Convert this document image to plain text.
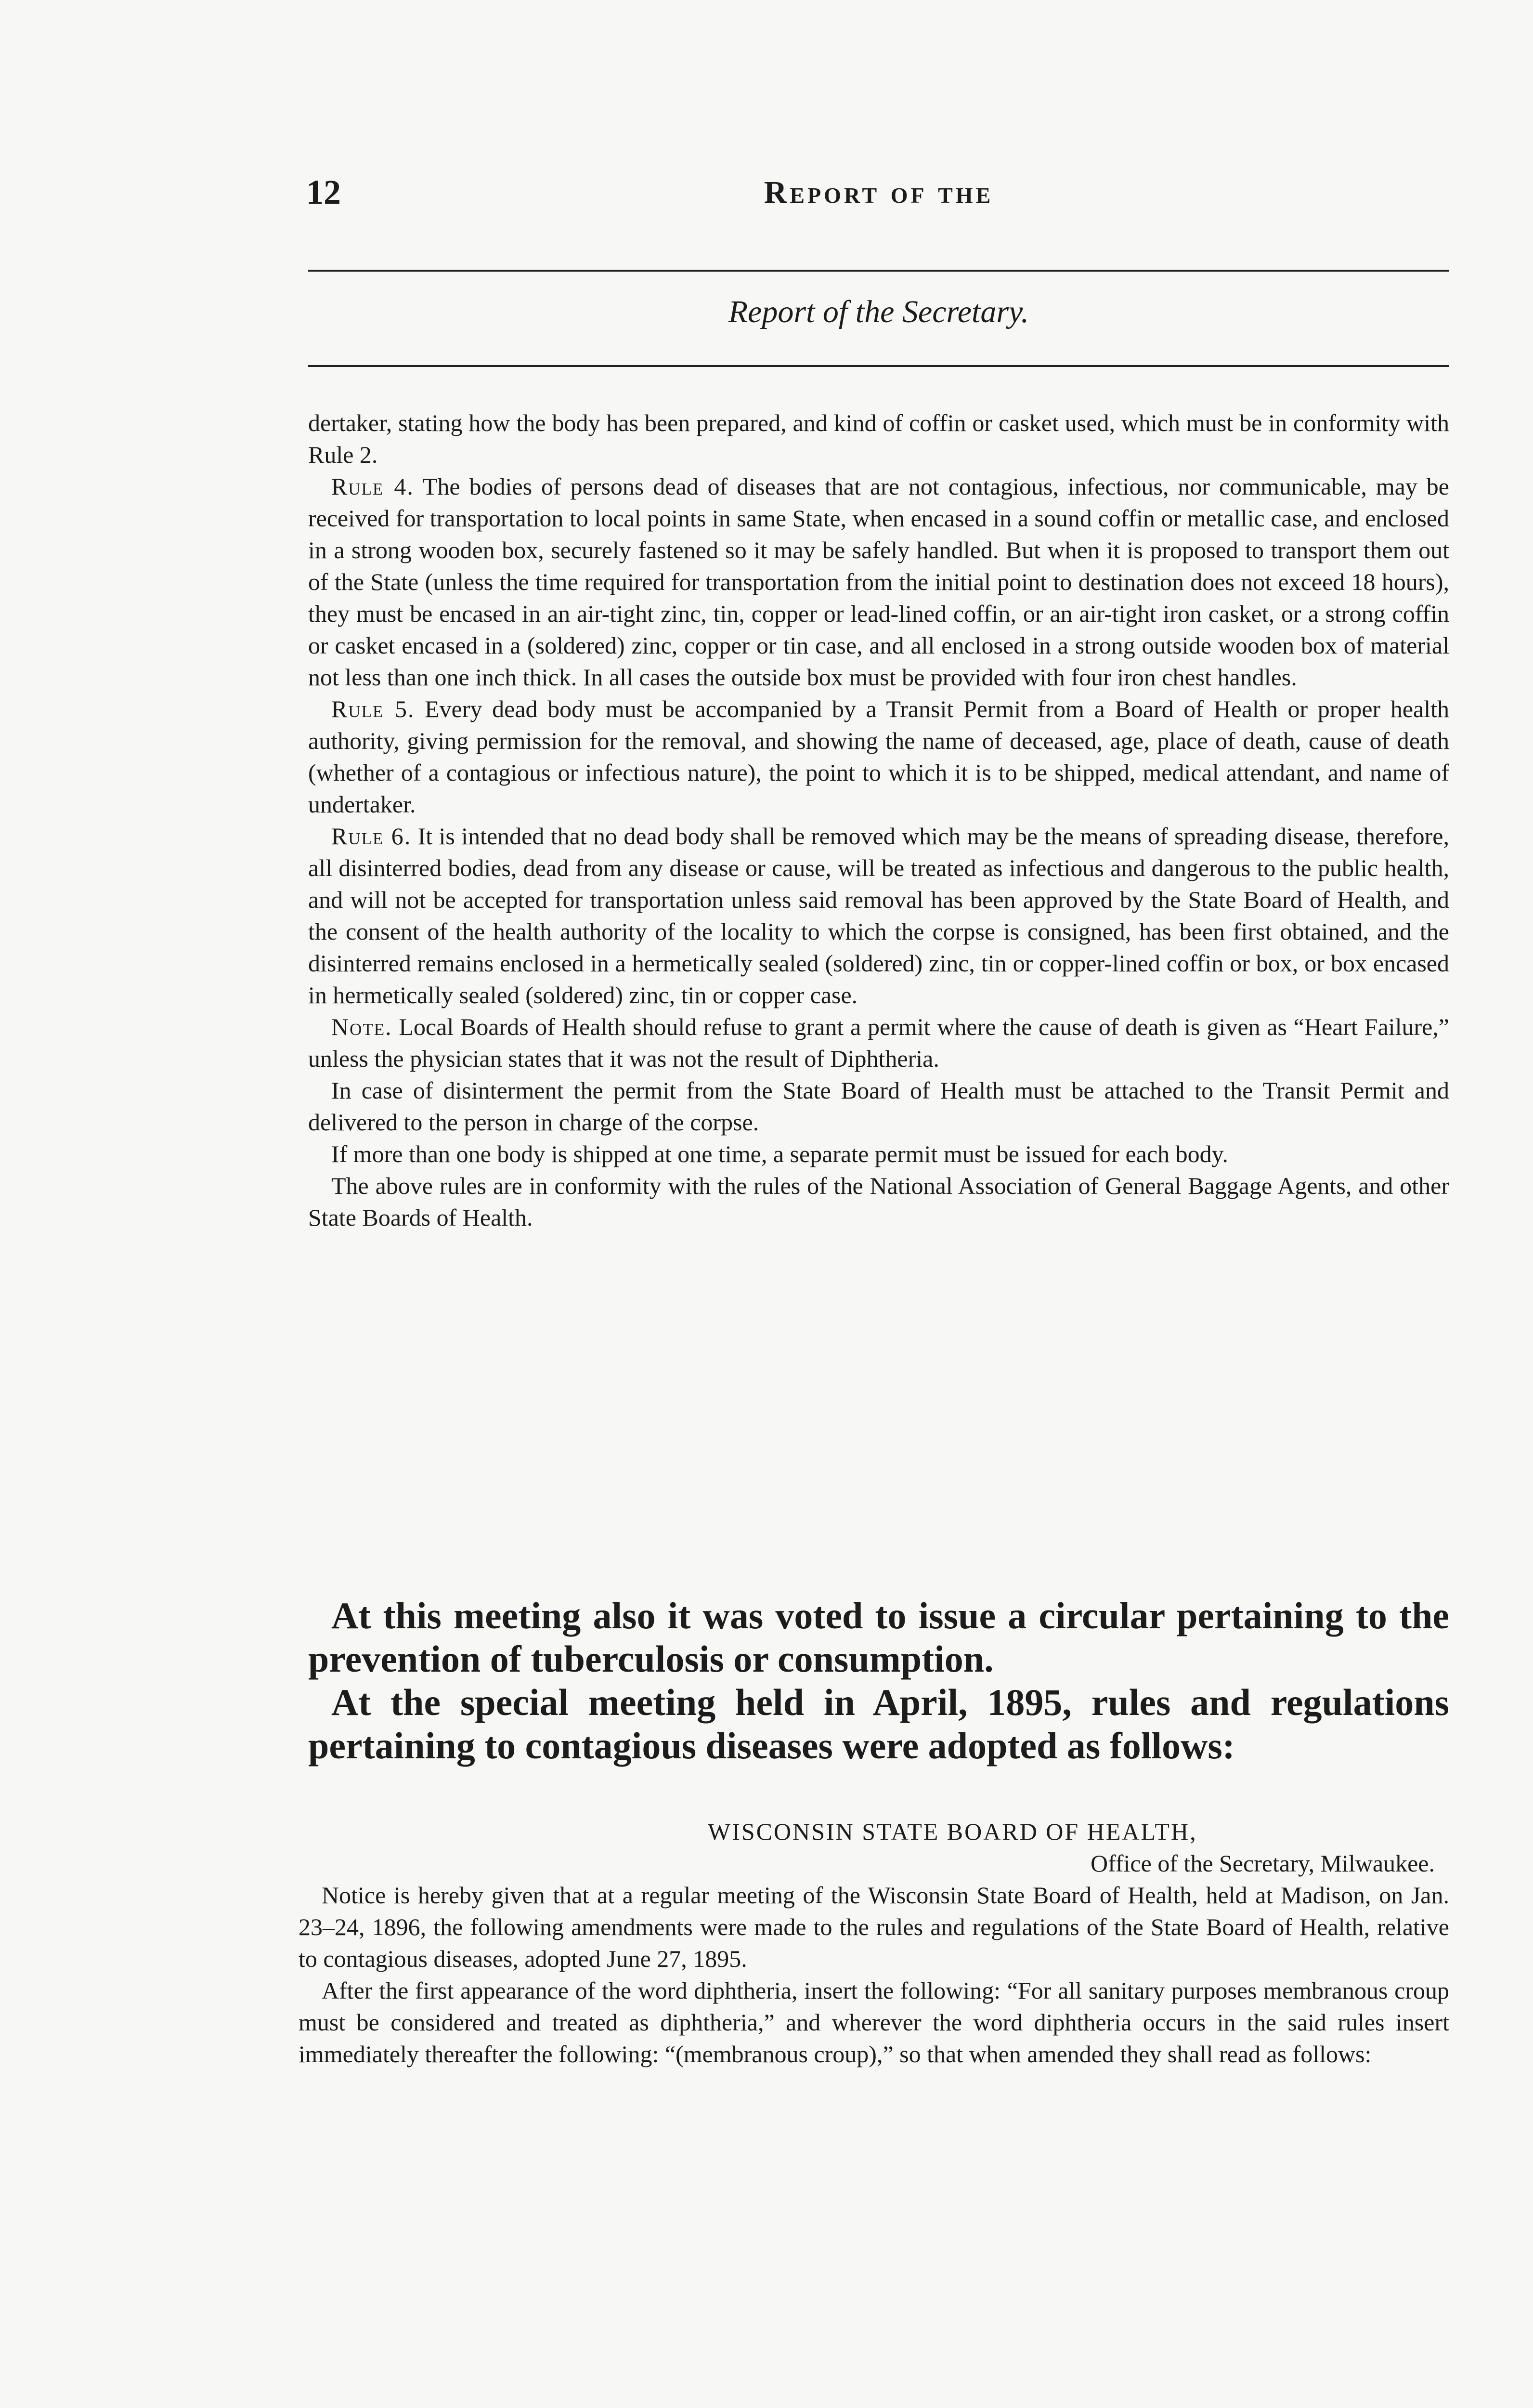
12	Report of the
Report of the Secretary.

dertaker, stating how the body has been prepared, and kind of coffin or casket used, which must be in conformity with Rule 2.

Rule 4. The bodies of persons dead of diseases that are not contagious, infectious, nor communicable, may be received for transportation to local points in same State, when encased in a sound coffin or metallic case, and enclosed in a strong wooden box, securely fastened so it may be safely handled. But when it is proposed to transport them out of the State (unless the time required for transportation from the initial point to destination does not exceed 18 hours), they must be encased in an air-tight zinc, tin, copper or lead-lined coffin, or an air-tight iron casket, or a strong coffin or casket encased in a (soldered) zinc, copper or tin case, and all enclosed in a strong outside wooden box of material not less than one inch thick. In all cases the outside box must be provided with four iron chest handles.

Rule 5. Every dead body must be accompanied by a Transit Permit from a Board of Health or proper health authority, giving permission for the removal, and showing the name of deceased, age, place of death, cause of death (whether of a contagious or infectious nature), the point to which it is to be shipped, medical attendant, and name of undertaker.

Rule 6. It is intended that no dead body shall be removed which may be the means of spreading disease, therefore, all disinterred bodies, dead from any disease or cause, will be treated as infectious and dangerous to the public health, and will not be accepted for transportation unless said removal has been approved by the State Board of Health, and the consent of the health authority of the locality to which the corpse is consigned, has been first obtained, and the disinterred remains enclosed in a hermetically sealed (soldered) zinc, tin or copper-lined coffin or box, or box encased in hermetically sealed (soldered) zinc, tin or copper case.

Note. Local Boards of Health should refuse to grant a permit where the cause of death is given as “Heart Failure,” unless the physician states that it was not the result of Diphtheria.

In case of disinterment the permit from the State Board of Health must be attached to the Transit Permit and delivered to the person in charge of the corpse.

If more than one body is shipped at one time, a separate permit must be issued for each body.

The above rules are in conformity with the rules of the National Association of General Baggage Agents, and other State Boards of Health.

At this meeting also it was voted to issue a circular pertaining to the prevention of tuberculosis or consumption.

At the special meeting held in April, 1895, rules and regulations pertaining to contagious diseases were adopted as follows:

WISCONSIN STATE BOARD OF HEALTH,

Office of the Secretary, Milwaukee.

Notice is hereby given that at a regular meeting of the Wisconsin State Board of Health, held at Madison, on Jan. 23–24, 1896, the following amendments were made to the rules and regulations of the State Board of Health, relative to contagious diseases, adopted June 27, 1895.

After the first appearance of the word diphtheria, insert the following: “For all sanitary purposes membranous croup must be considered and treated as diphtheria,” and wherever the word diphtheria occurs in the said rules insert immediately thereafter the following: “(membranous croup),” so that when amended they shall read as follows:
